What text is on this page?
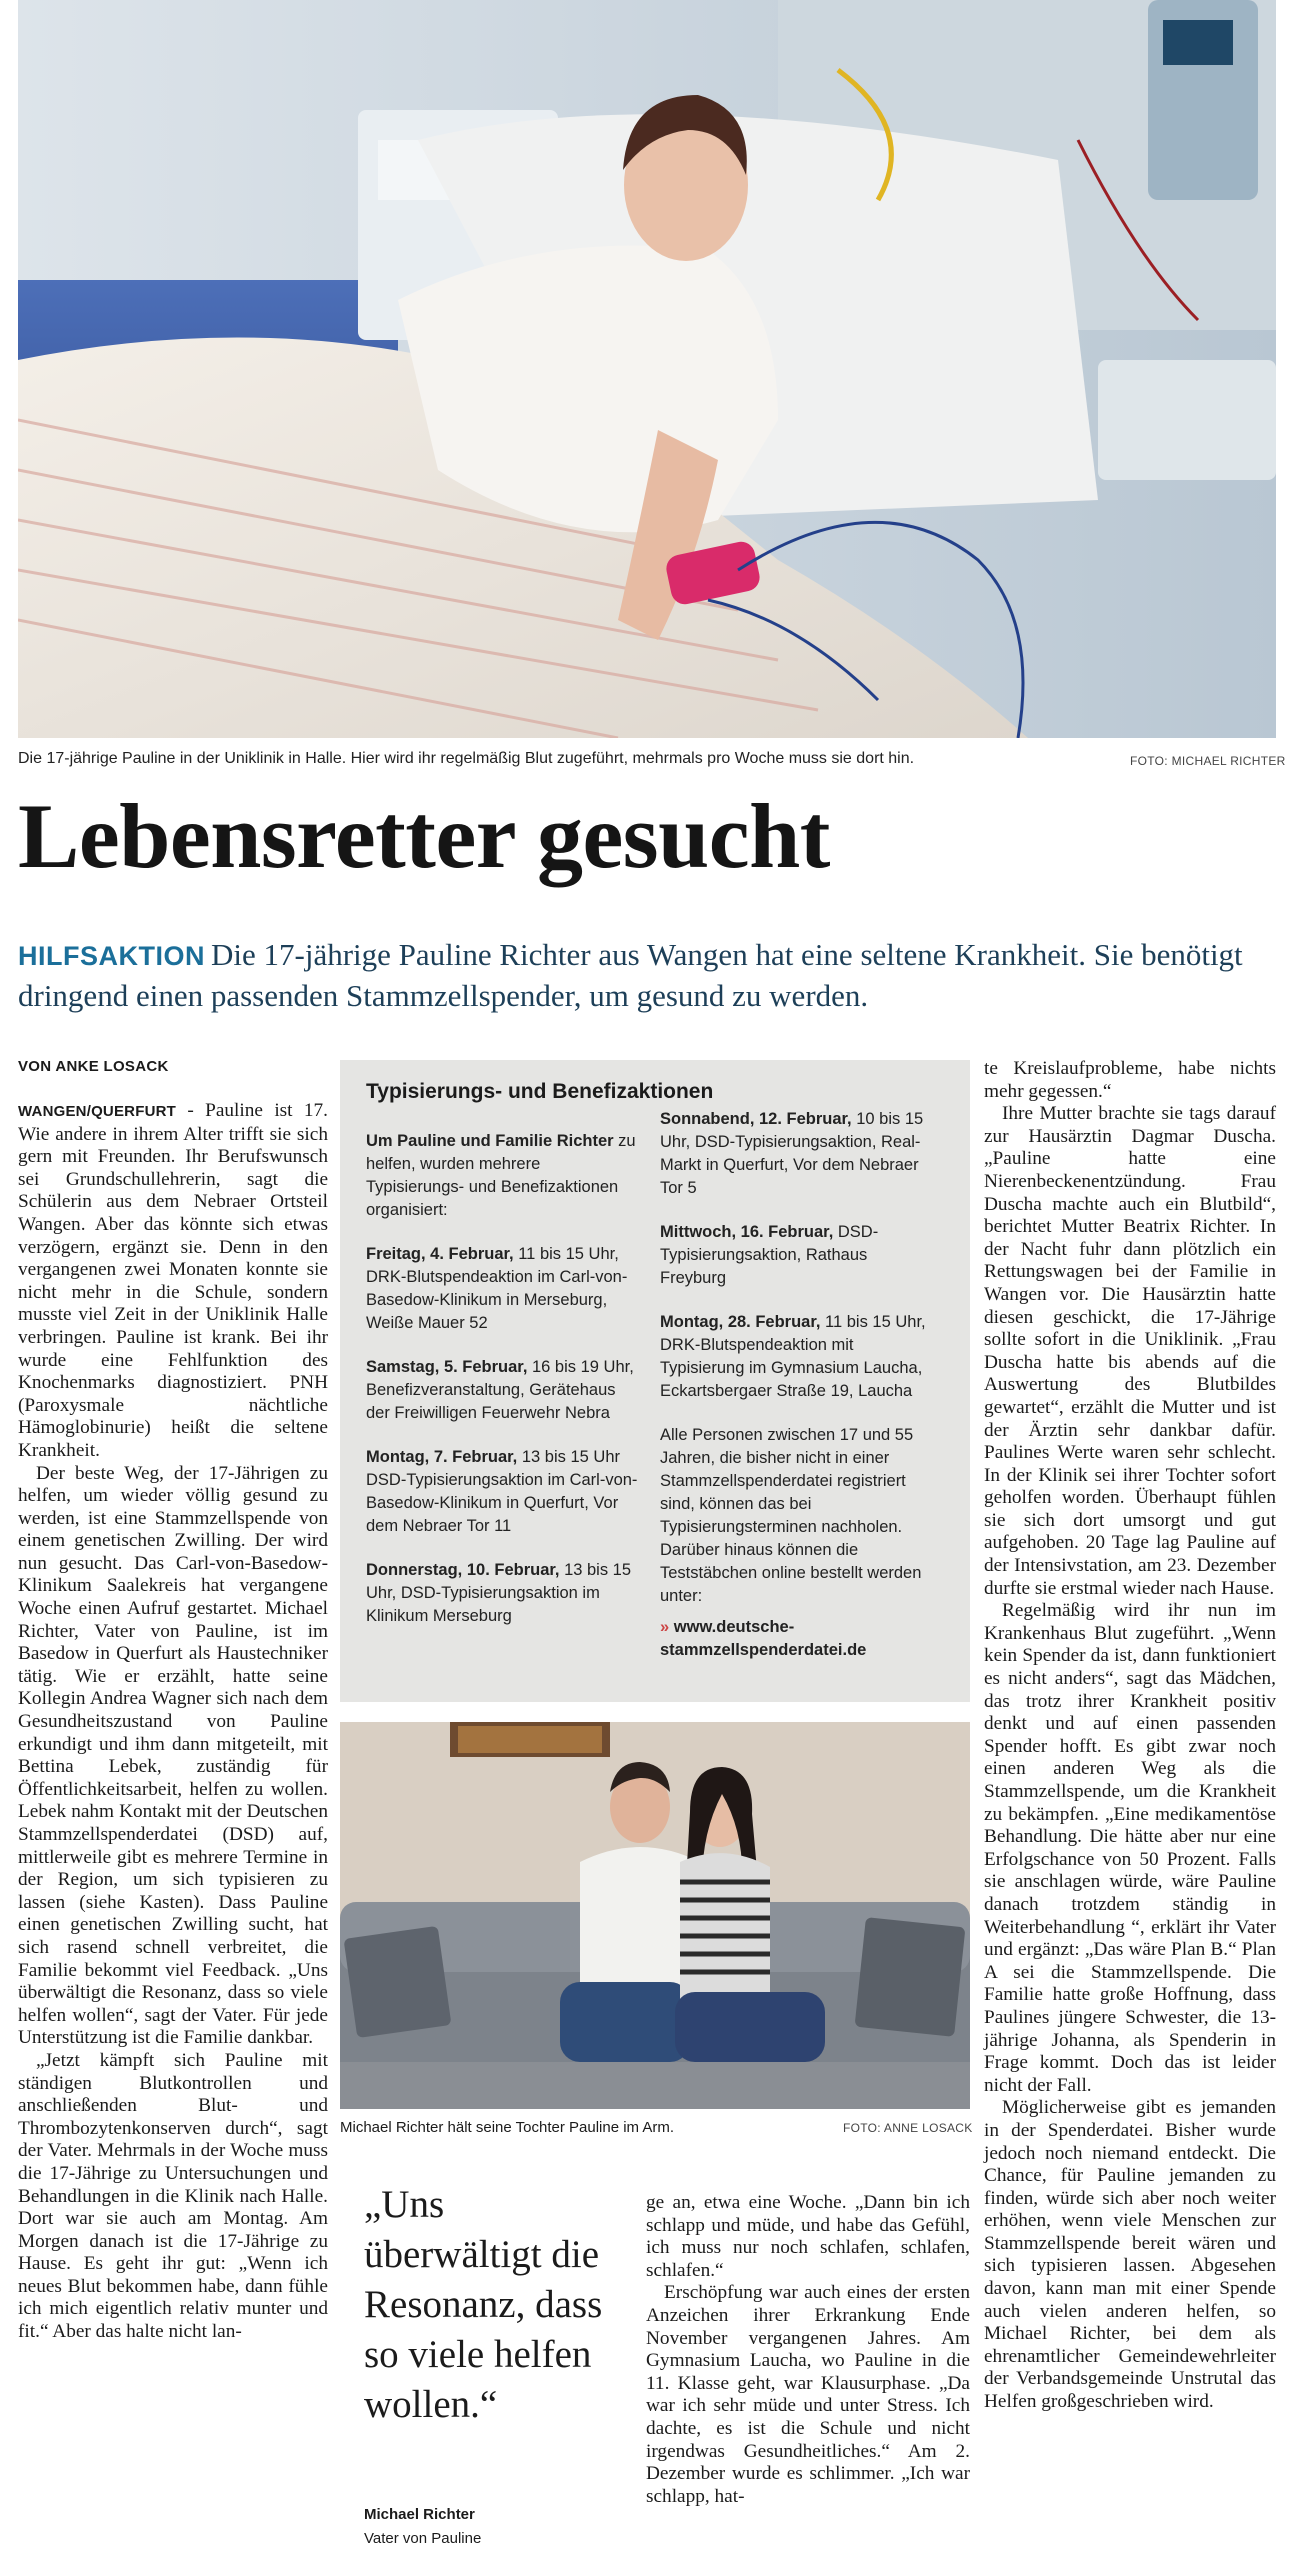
Die 17-jährige Pauline in der Uniklinik in Halle. Hier wird ihr regelmäßig Blut zugeführt, mehrmals pro Woche muss sie dort hin.	FOTO: MICHAEL RICHTER
Lebensretter gesucht
HILFSAKTION Die 17-jährige Pauline Richter aus Wangen hat eine seltene Krankheit. Sie benötigt dringend einen passenden Stammzellspender, um gesund zu werden.
VON ANKE LOSACK

WANGEN/QUERFURT - Pauline ist 17. Wie andere in ihrem Alter trifft sie sich gern mit Freunden. Ihr Berufswunsch sei Grundschullehrerin, sagt die Schülerin aus dem Nebraer Ortsteil Wangen. Aber das könnte sich etwas verzögern, ergänzt sie. Denn in den vergangenen zwei Monaten konnte sie nicht mehr in die Schule, sondern musste viel Zeit in der Uniklinik Halle verbringen. Pauline ist krank. Bei ihr wurde eine Fehlfunktion des Knochenmarks diagnostiziert. PNH (Paroxysmale nächtliche Hämoglobinurie) heißt die seltene Krankheit.

Der beste Weg, der 17-Jährigen zu helfen, um wieder völlig gesund zu werden, ist eine Stammzellspende von einem genetischen Zwilling. Der wird nun gesucht. Das Carl-von-Basedow-Klinikum Saalekreis hat vergangene Woche einen Aufruf gestartet. Michael Richter, Vater von Pauline, ist im Basedow in Querfurt als Haustechniker tätig. Wie er erzählt, hatte seine Kollegin Andrea Wagner sich nach dem Gesundheitszustand von Pauline erkundigt und ihm dann mitgeteilt, mit Bettina Lebek, zuständig für Öffentlichkeitsarbeit, helfen zu wollen. Lebek nahm Kontakt mit der Deutschen Stammzellspenderdatei (DSD) auf, mittlerweile gibt es mehrere Termine in der Region, um sich typisieren zu lassen (siehe Kasten). Dass Pauline einen genetischen Zwilling sucht, hat sich rasend schnell verbreitet, die Familie bekommt viel Feedback. „Uns überwältigt die Resonanz, dass so viele helfen wollen“, sagt der Vater. Für jede Unterstützung ist die Familie dankbar.

„Jetzt kämpft sich Pauline mit ständigen Blutkontrollen und anschließenden Blut- und Thrombozytenkonserven durch“, sagt der Vater. Mehrmals in der Woche muss die 17-Jährige zu Untersuchungen und Behandlungen in die Klinik nach Halle. Dort war sie auch am Montag. Am Morgen danach ist die 17-Jährige zu Hause. Es geht ihr gut: „Wenn ich neues Blut bekommen habe, dann fühle ich mich eigentlich relativ munter und fit.“ Aber das halte nicht lan-

Typisierungs- und Benefizaktionen
Um Pauline und Familie Richter zu helfen, wurden mehrere Typisierungs- und Benefizaktionen organisiert:
Freitag, 4. Februar, 11 bis 15 Uhr, DRK-Blutspendeaktion im Carl-von-Basedow-Klinikum in Merseburg, Weiße Mauer 52
Samstag, 5. Februar, 16 bis 19 Uhr, Benefizveranstaltung, Gerätehaus der Freiwilligen Feuerwehr Nebra
Montag, 7. Februar, 13 bis 15 Uhr DSD-Typisierungsaktion im Carl-von-Basedow-Klinikum in Querfurt, Vor dem Nebraer Tor 11
Donnerstag, 10. Februar, 13 bis 15 Uhr, DSD-Typisierungsaktion im Klinikum Merseburg
Sonnabend, 12. Februar, 10 bis 15 Uhr, DSD-Typisierungsaktion, Real-Markt in Querfurt, Vor dem Nebraer Tor 5
Mittwoch, 16. Februar, DSD-Typisierungsaktion, Rathaus Freyburg
Montag, 28. Februar, 11 bis 15 Uhr, DRK-Blutspendeaktion mit Typisierung im Gymnasium Laucha, Eckartsbergaer Straße 19, Laucha
Alle Personen zwischen 17 und 55 Jahren, die bisher nicht in einer Stammzellspenderdatei registriert sind, können das bei Typisierungsterminen nachholen. Darüber hinaus können die Teststäbchen online bestellt werden unter:
» www.deutsche-stammzellspenderdatei.de
Michael Richter hält seine Tochter Pauline im Arm.	FOTO: ANNE LOSACK
„Uns überwältigt die Resonanz, dass so viele helfen wollen.“
Michael Richter
Vater von Pauline

ge an, etwa eine Woche. „Dann bin ich schlapp und müde, und habe das Gefühl, ich muss nur noch schlafen, schlafen, schlafen.“

Erschöpfung war auch eines der ersten Anzeichen ihrer Erkrankung Ende November vergangenen Jahres. Am Gymnasium Laucha, wo Pauline in die 11. Klasse geht, war Klausurphase. „Da war ich sehr müde und unter Stress. Ich dachte, es ist die Schule und nicht irgendwas Gesundheitliches.“ Am 2. Dezember wurde es schlimmer. „Ich war schlapp, hat-

te Kreislaufprobleme, habe nichts mehr gegessen.“

Ihre Mutter brachte sie tags darauf zur Hausärztin Dagmar Duscha. „Pauline hatte eine Nierenbeckenentzündung. Frau Duscha machte auch ein Blutbild“, berichtet Mutter Beatrix Richter. In der Nacht fuhr dann plötzlich ein Rettungswagen bei der Familie in Wangen vor. Die Hausärztin hatte diesen geschickt, die 17-Jährige sollte sofort in die Uniklinik. „Frau Duscha hatte bis abends auf die Auswertung des Blutbildes gewartet“, erzählt die Mutter und ist der Ärztin sehr dankbar dafür. Paulines Werte waren sehr schlecht. In der Klinik sei ihrer Tochter sofort geholfen worden. Überhaupt fühlen sie sich dort umsorgt und gut aufgehoben. 20 Tage lag Pauline auf der Intensivstation, am 23. Dezember durfte sie erstmal wieder nach Hause.

Regelmäßig wird ihr nun im Krankenhaus Blut zugeführt. „Wenn kein Spender da ist, dann funktioniert es nicht anders“, sagt das Mädchen, das trotz ihrer Krankheit positiv denkt und auf einen passenden Spender hofft. Es gibt zwar noch einen anderen Weg als die Stammzellspende, um die Krankheit zu bekämpfen. „Eine medikamentöse Behandlung. Die hätte aber nur eine Erfolgschance von 50 Prozent. Falls sie anschlagen würde, wäre Pauline danach trotzdem ständig in Weiterbehandlung “, erklärt ihr Vater und ergänzt: „Das wäre Plan B.“ Plan A sei die Stammzellspende. Die Familie hatte große Hoffnung, dass Paulines jüngere Schwester, die 13-jährige Johanna, als Spenderin in Frage kommt. Doch das ist leider nicht der Fall.

Möglicherweise gibt es jemanden in der Spenderdatei. Bisher wurde jedoch noch niemand entdeckt. Die Chance, für Pauline jemanden zu finden, würde sich aber noch weiter erhöhen, wenn viele Menschen zur Stammzellspende bereit wären und sich typisieren lassen. Abgesehen davon, kann man mit einer Spende auch vielen anderen helfen, so Michael Richter, bei dem als ehrenamtlicher Gemeindewehrleiter der Verbandsgemeinde Unstrutal das Helfen großgeschrieben wird.
